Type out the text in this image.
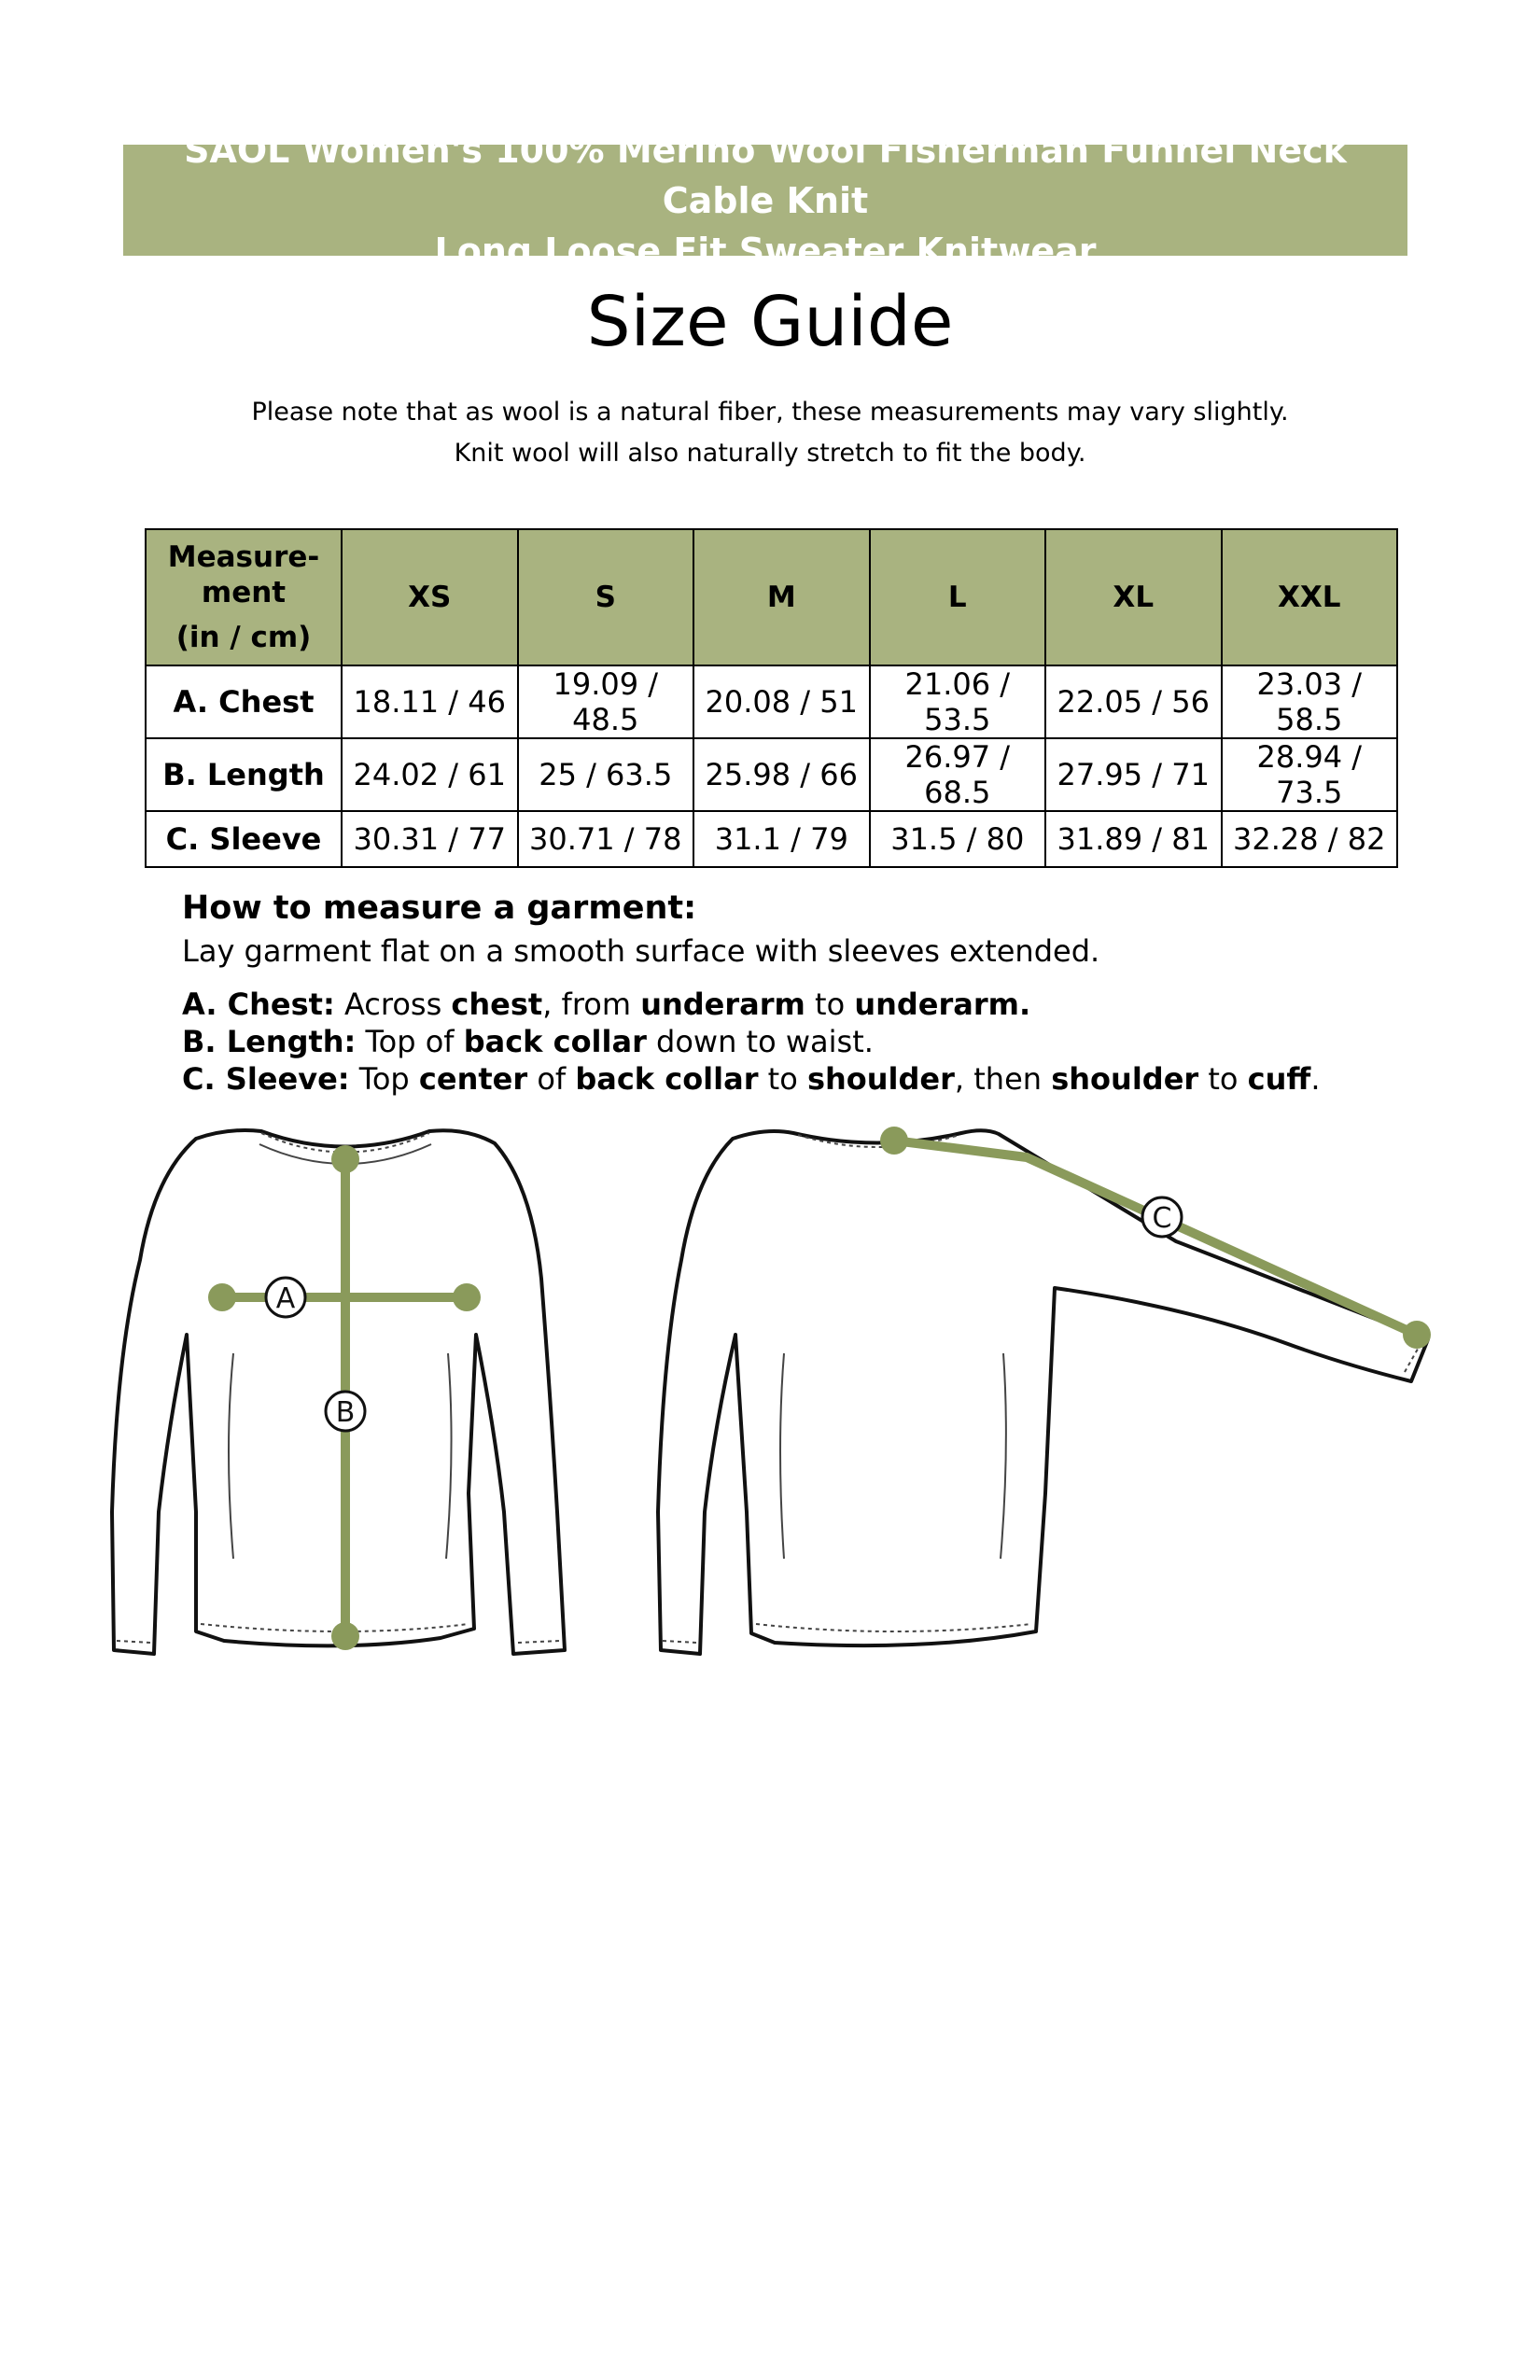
SAOL Women's 100% Merino Wool Fisherman Funnel Neck Cable Knit
Long Loose Fit Sweater Knitwear
Size Guide
Please note that as wool is a natural fiber, these measurements may vary slightly.
Knit wool will also naturally stretch to fit the body.
Measure-
ment
(in / cm)	XS	S	M	L	XL	XXL
A. Chest	18.11 / 46	19.09 / 48.5	20.08 / 51	21.06 / 53.5	22.05 / 56	23.03 / 58.5
B. Length	24.02 / 61	25 / 63.5	25.98 / 66	26.97 / 68.5	27.95 / 71	28.94 / 73.5
C. Sleeve	30.31 / 77	30.71 / 78	31.1 / 79	31.5 / 80	31.89 / 81	32.28 / 82
How to measure a garment:
Lay garment flat on a smooth surface with sleeves extended.
A. Chest: Across chest, from underarm to underarm.
B. Length: Top of back collar down to waist.
C. Sleeve: Top center of back collar to shoulder, then shoulder to cuff.
A
B
C
